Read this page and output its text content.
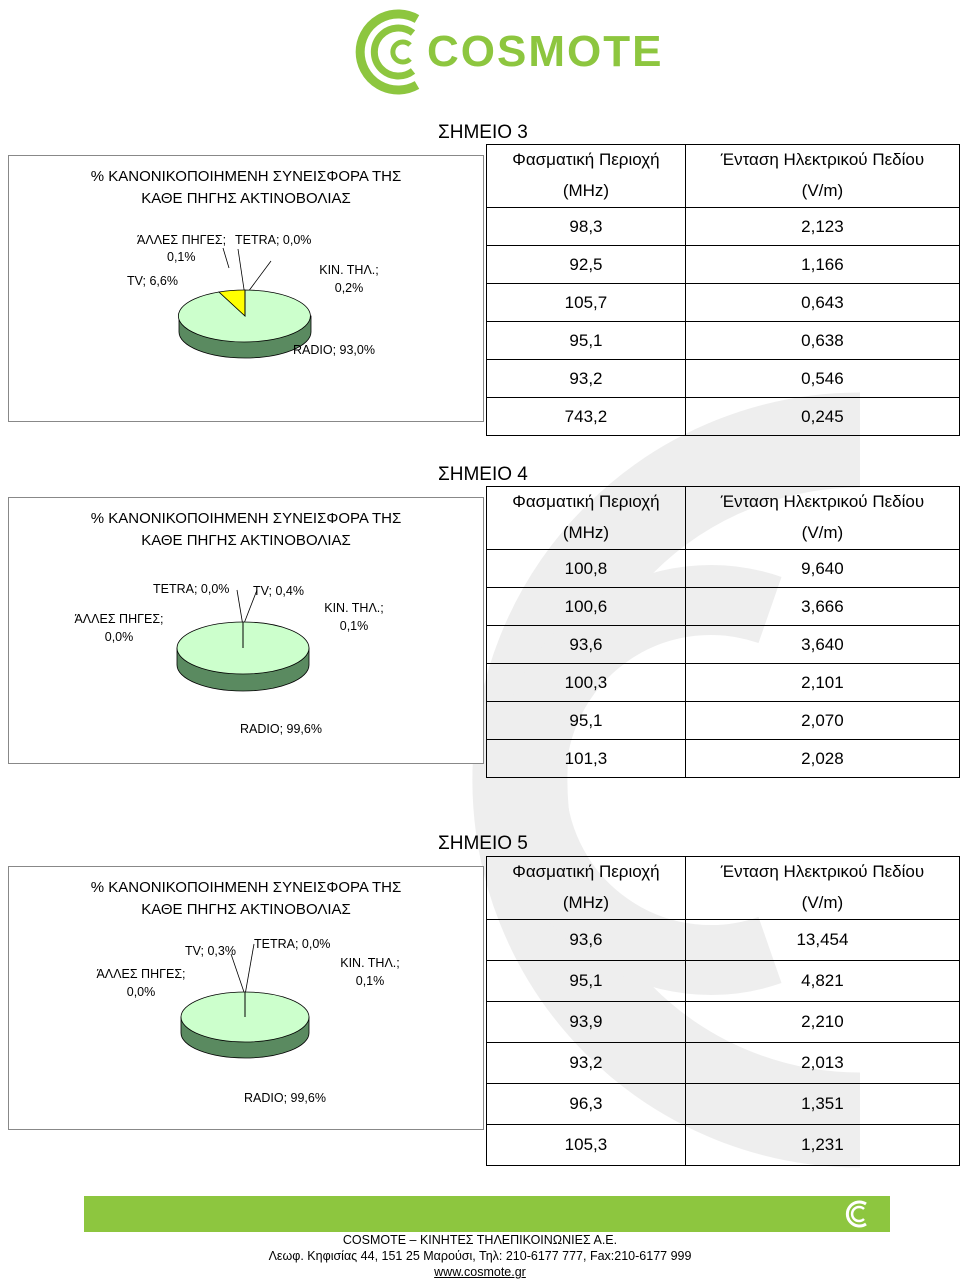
COSMOTE
% ΚΑΝΟΝΙΚΟΠΟΙΗΜΕΝΗ ΣΥΝΕΙΣΦΟΡΑ ΤΗΣ
ΚΑΘΕ ΠΗΓΗΣ ΑΚΤΙΝΟΒΟΛΙΑΣ
ΆΛΛΕΣ ΠΗΓΕΣ;
0,1%
TETRA; 0,0%
TV; 6,6%
ΚΙΝ. ΤΗΛ.;
0,2%
RADIO; 93,0%
ΣΗΜΕΙΟ 3
Φασματική Περιοχή	Ένταση Ηλεκτρικού Πεδίου
(MHz)	(V/m)
98,3	2,123
92,5	1,166
105,7	0,643
95,1	0,638
93,2	0,546
743,2	0,245
% ΚΑΝΟΝΙΚΟΠΟΙΗΜΕΝΗ ΣΥΝΕΙΣΦΟΡΑ ΤΗΣ
ΚΑΘΕ ΠΗΓΗΣ ΑΚΤΙΝΟΒΟΛΙΑΣ
TETRA; 0,0% TV; 0,4%
ΆΛΛΕΣ ΠΗΓΕΣ;
0,0%
ΚΙΝ. ΤΗΛ.;
0,1%
RADIO; 99,6%
ΣΗΜΕΙΟ 4
Φασματική Περιοχή	Ένταση Ηλεκτρικού Πεδίου
(MHz)	(V/m)
100,8	9,640
100,6	3,666
93,6	3,640
100,3	2,101
95,1	2,070
101,3	2,028
% ΚΑΝΟΝΙΚΟΠΟΙΗΜΕΝΗ ΣΥΝΕΙΣΦΟΡΑ ΤΗΣ
ΚΑΘΕ ΠΗΓΗΣ ΑΚΤΙΝΟΒΟΛΙΑΣ
TV; 0,3% TETRA; 0,0%
ΆΛΛΕΣ ΠΗΓΕΣ;
0,0%
ΚΙΝ. ΤΗΛ.;
0,1%
RADIO; 99,6%
ΣΗΜΕΙΟ 5
Φασματική Περιοχή	Ένταση Ηλεκτρικού Πεδίου
(MHz)	(V/m)
93,6	13,454
95,1	4,821
93,9	2,210
93,2	2,013
96,3	1,351
105,3	1,231
COSMOTE – ΚΙΝΗΤΕΣ ΤΗΛΕΠΙΚΟΙΝΩΝΙΕΣ Α.Ε.
Λεωφ. Κηφισίας 44, 151 25 Μαρούσι, Τηλ: 210-6177 777, Fax:210-6177 999
www.cosmote.gr
